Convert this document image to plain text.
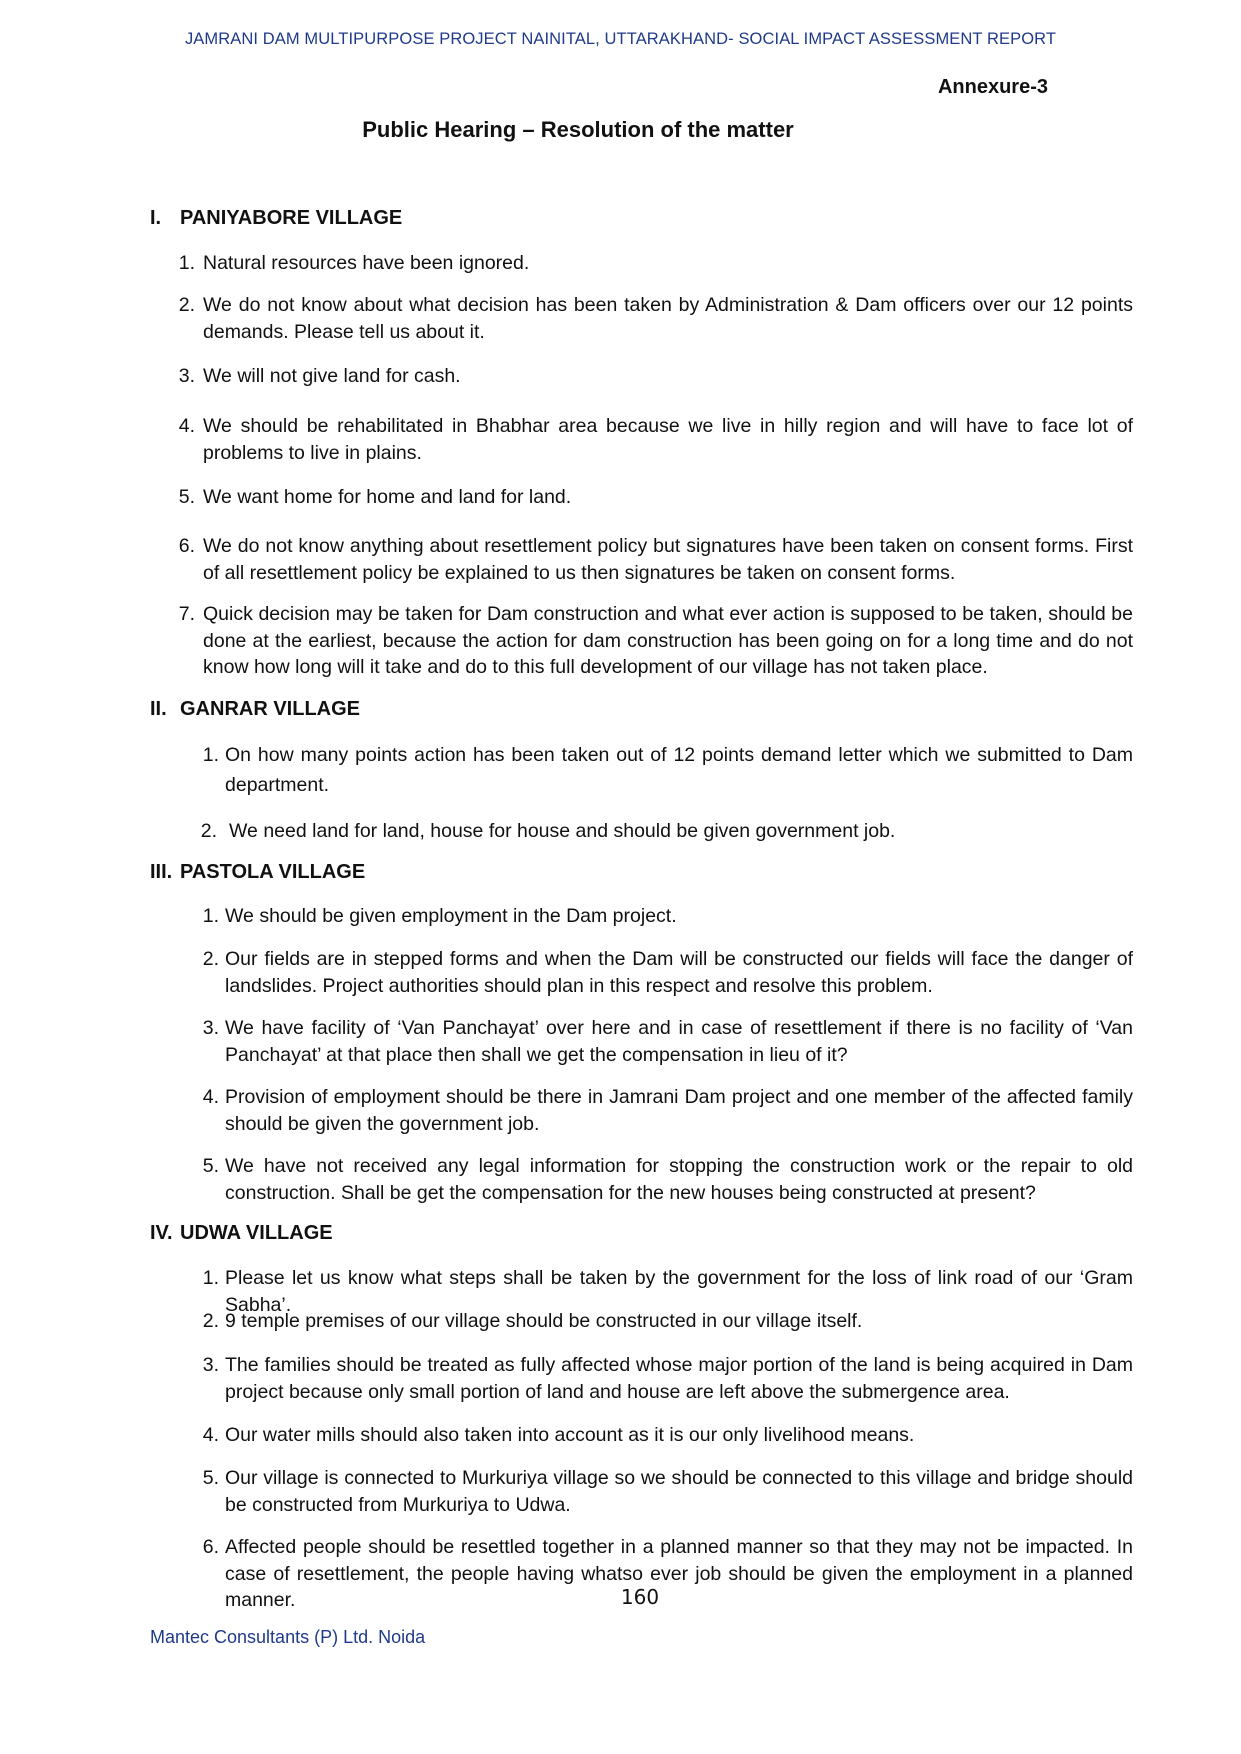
JAMRANI DAM MULTIPURPOSE PROJECT NAINITAL, UTTARAKHAND- SOCIAL IMPACT ASSESSMENT REPORT
Annexure-3
Public Hearing – Resolution of the matter
I. PANIYABORE VILLAGE
1. Natural resources have been ignored.
2. We do not know about what decision has been taken by Administration & Dam officers over our 12 points demands. Please tell us about it.
3. We will not give land for cash.
4. We should be rehabilitated in Bhabhar area because we live in hilly region and will have to face lot of problems to live in plains.
5. We want home for home and land for land.
6. We do not know anything about resettlement policy but signatures have been taken on consent forms. First of all resettlement policy be explained to us then signatures be taken on consent forms.
7. Quick decision may be taken for Dam construction and what ever action is supposed to be taken, should be done at the earliest, because the action for dam construction has been going on for a long time and do not know how long will it take and do to this full development of our village has not taken place.
II. GANRAR VILLAGE
1. On how many points action has been taken out of 12 points demand letter which we submitted to Dam department.
2. We need land for land, house for house and should be given government job.
III. PASTOLA VILLAGE
1. We should be given employment in the Dam project.
2. Our fields are in stepped forms and when the Dam will be constructed our fields will face the danger of landslides. Project authorities should plan in this respect and resolve this problem.
3. We have facility of ‘Van Panchayat’ over here and in case of resettlement if there is no facility of ‘Van Panchayat’ at that place then shall we get the compensation in lieu of it?
4. Provision of employment should be there in Jamrani Dam project and one member of the affected family should be given the government job.
5. We have not received any legal information for stopping the construction work or the repair to old construction. Shall be get the compensation for the new houses being constructed at present?
IV. UDWA VILLAGE
1. Please let us know what steps shall be taken by the government for the loss of link road of our ‘Gram Sabha’.
2. 9 temple premises of our village should be constructed in our village itself.
3. The families should be treated as fully affected whose major portion of the land is being acquired in Dam project because only small portion of land and house are left above the submergence area.
4. Our water mills should also taken into account as it is our only livelihood means.
5. Our village is connected to Murkuriya village so we should be connected to this village and bridge should be constructed from Murkuriya to Udwa.
6. Affected people should be resettled together in a planned manner so that they may not be impacted. In case of resettlement, the people having whatso ever job should be given the employment in a planned manner.	160
Mantec Consultants (P) Ltd. Noida
